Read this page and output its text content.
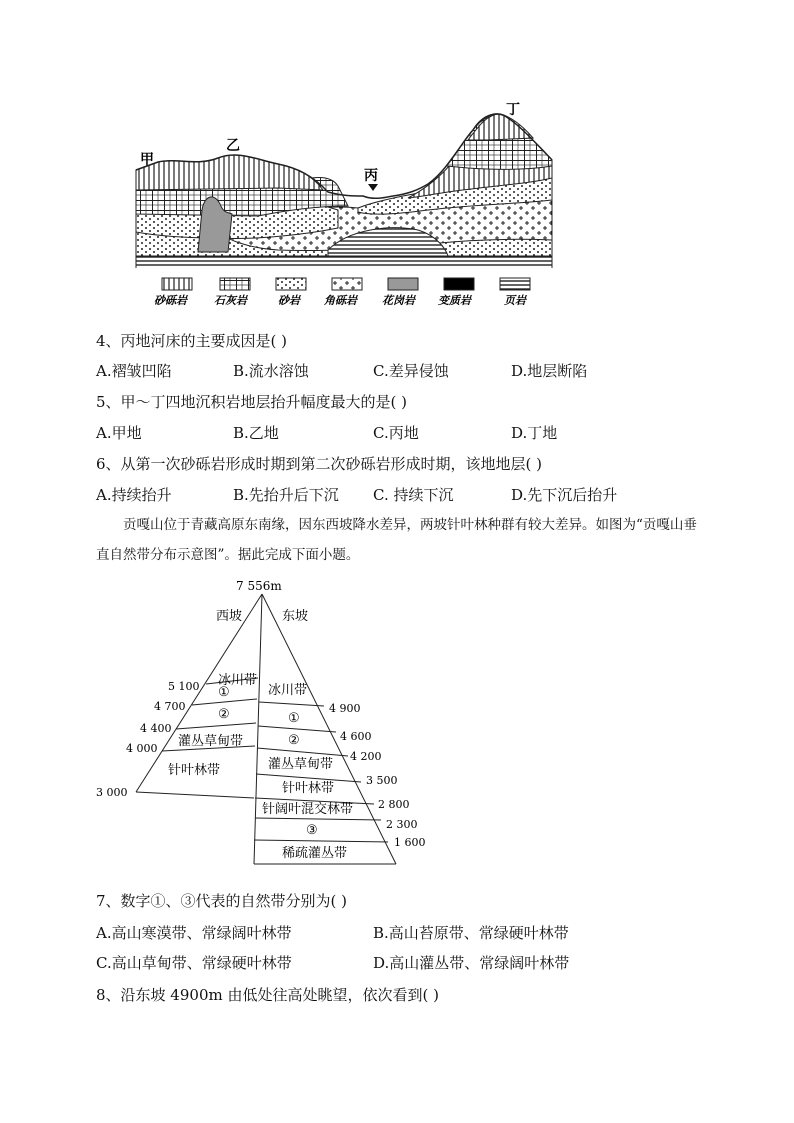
甲
乙
丙
丁
砂砾岩 石灰岩	砂岩 角砾岩 花岗岩 变质岩	页岩
4、丙地河床的主要成因是( )
A.褶皱凹陷	B.流水溶蚀	C.差异侵蚀	D.地层断陷
5、甲～丁四地沉积岩地层抬升幅度最大的是( )
A.甲地	B.乙地	C.丙地	D.丁地
6、从第一次砂砾岩形成时期到第二次砂砾岩形成时期，该地地层( )
A.持续抬升	B.先抬升后下沉 C. 持续下沉	D.先下沉后抬升
贡嘎山位于青藏高原东南缘，因东西坡降水差异，两坡针叶林种群有较大差异。如图为“贡嘎山垂 直自然带分布示意图”。据此完成下面小题。
7 556m
西坡	东坡
冰川带
①
②
灌丛草甸带
针叶林带
5 100
4 700
4 400
4 000
3 000
冰川带
①
②
灌丛草甸带
针叶林带
针阔叶混交林带
③
稀疏灌丛带
4 900
4 600
4 200
3 500
2 800
2 300
1 600
7、数字①、③代表的自然带分别为( )
A.高山寒漠带、常绿阔叶林带	B.高山苔原带、常绿硬叶林带
C.高山草甸带、常绿硬叶林带	D.高山灌丛带、常绿阔叶林带
8、沿东坡 4900m 由低处往高处眺望，依次看到( )
